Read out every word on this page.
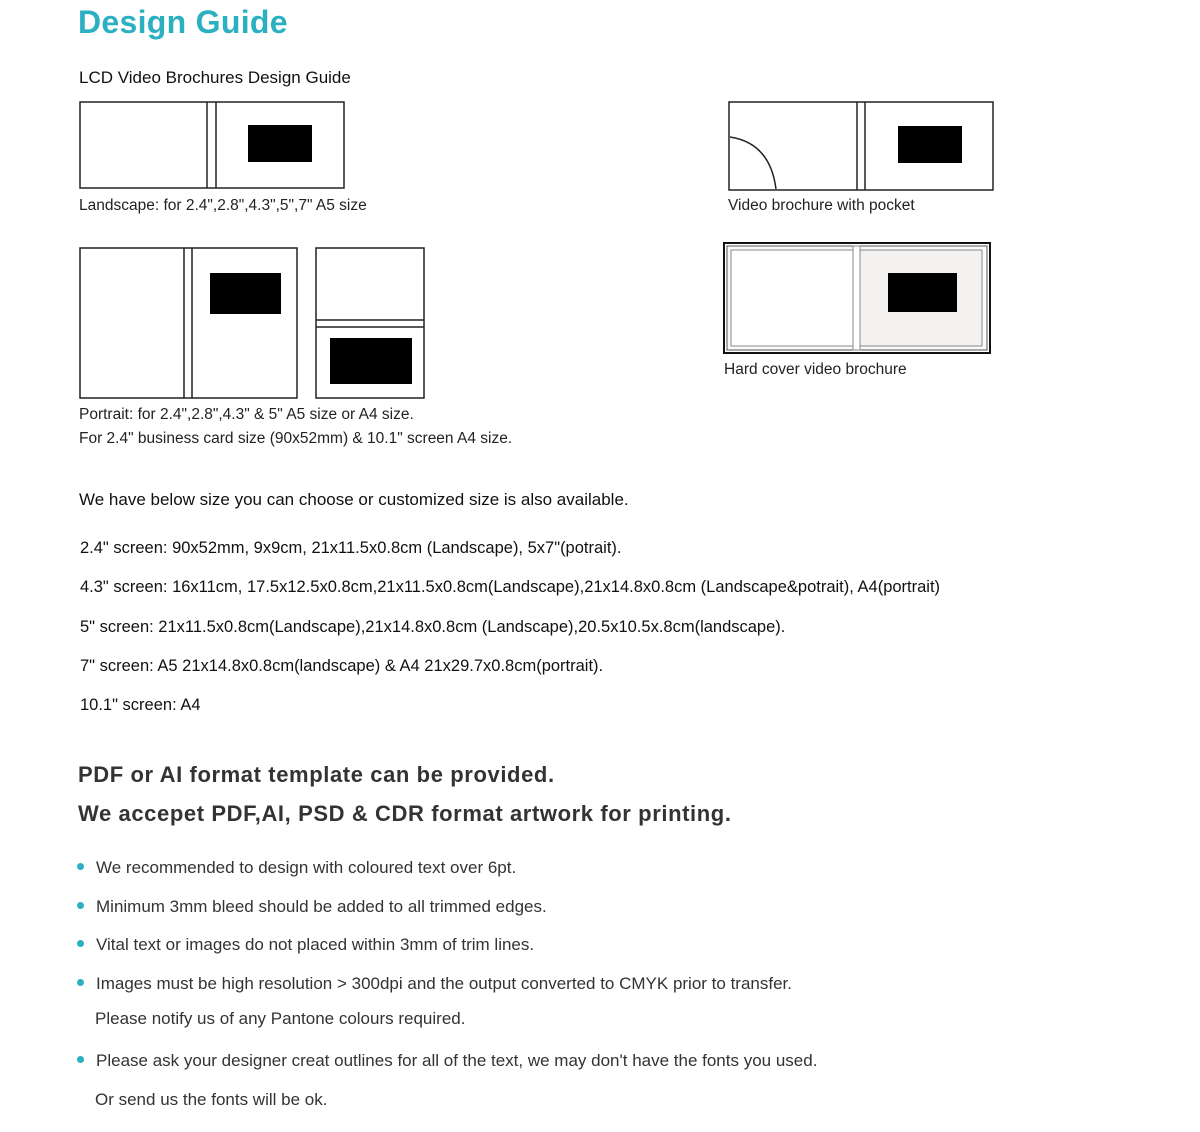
Design Guide
LCD Video Brochures Design Guide
Landscape: for 2.4",2.8",4.3",5",7" A5 size	Video brochure with pocket
Portrait: for 2.4",2.8",4.3" & 5" A5 size or A4 size.
For 2.4" business card size (90x52mm) & 10.1" screen A4 size.
Hard cover video brochure
We have below size you can choose or customized size is also available.
2.4" screen: 90x52mm, 9x9cm, 21x11.5x0.8cm (Landscape), 5x7"(potrait).
4.3" screen: 16x11cm, 17.5x12.5x0.8cm,21x11.5x0.8cm(Landscape),21x14.8x0.8cm (Landscape&potrait), A4(portrait)
5" screen: 21x11.5x0.8cm(Landscape),21x14.8x0.8cm (Landscape),20.5x10.5x.8cm(landscape).
7" screen: A5 21x14.8x0.8cm(landscape) & A4 21x29.7x0.8cm(portrait).
10.1" screen: A4
PDF or AI format template can be provided.
We accepet PDF,AI, PSD & CDR format artwork for printing.
We recommended to design with coloured text over 6pt.
Minimum 3mm bleed should be added to all trimmed edges.
Vital text or images do not placed within 3mm of trim lines.
Images must be high resolution > 300dpi and the output converted to CMYK prior to transfer.
Please notify us of any Pantone colours required.
Please ask your designer creat outlines for all of the text, we may don't have the fonts you used.
Or send us the fonts will be ok.
